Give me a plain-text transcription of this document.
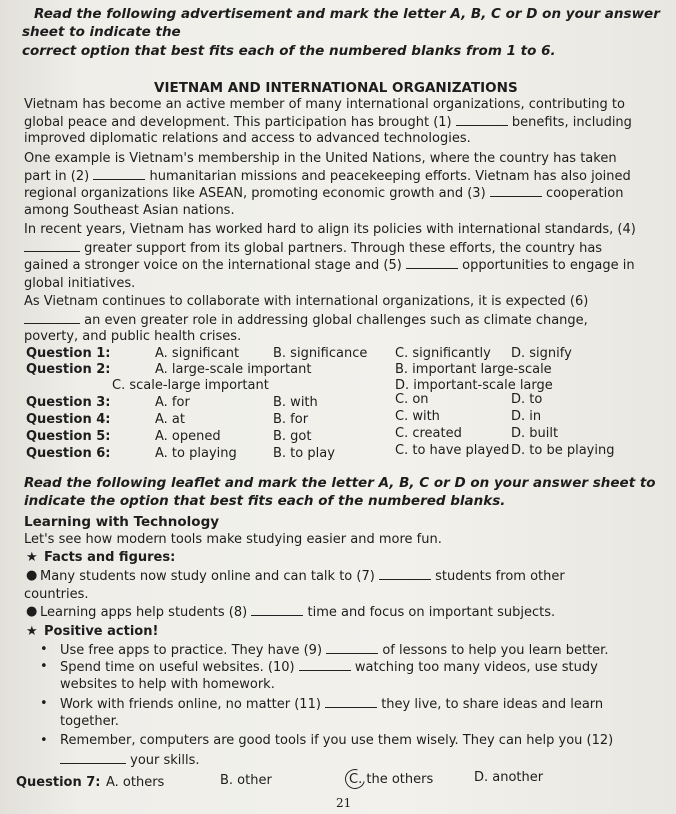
Read the following advertisement and mark the letter A, B, C or D on your answer
sheet to indicate the
correct option that best fits each of the numbered blanks from 1 to 6.
VIETNAM AND INTERNATIONAL ORGANIZATIONS
Vietnam has become an active member of many international organizations, contributing to
global peace and development. This participation has brought (1)	benefits, including
improved diplomatic relations and access to advanced technologies.
One example is Vietnam's membership in the United Nations, where the country has taken
part in (2)	humanitarian missions and peacekeeping efforts. Vietnam has also joined
regional organizations like ASEAN, promoting economic growth and (3)	cooperation
among Southeast Asian nations.
In recent years, Vietnam has worked hard to align its policies with international standards, (4)
greater support from its global partners. Through these efforts, the country has
gained a stronger voice on the international stage and (5)	opportunities to engage in
global initiatives.
As Vietnam continues to collaborate with international organizations, it is expected (6)
an even greater role in addressing global challenges such as climate change,
poverty, and public health crises.
Question 1:	A. significant	B. significance C. significantly D. signify
Question 2:	A. large-scale important	B. important large-scale
C. scale-large important	D. important-scale large
Question 3:	A. for	B. with	C. on	D. to
Question 4:	A. at	B. for	C. with	D. in
Question 5:	A. opened	B. got	C. created	D. built
Question 6:	A. to playing	B. to play	C. to have played D. to be playing
Read the following leaflet and mark the letter A, B, C or D on your answer sheet to
indicate the option that best fits each of the numbered blanks.
Learning with Technology
Let's see how modern tools make studying easier and more fun.
★ Facts and figures:
● Many students now study online and can talk to (7)	students from other
countries.
● Learning apps help students (8)	time and focus on important subjects.
★ Positive action!
• Use free apps to practice. They have (9)	of lessons to help you learn better.
• Spend time on useful websites. (10)	watching too many videos, use study
websites to help with homework.
• Work with friends online, no matter (11)	they live, to share ideas and learn
together.
• Remember, computers are good tools if you use them wisely. They can help you (12)
your skills.
Question 7: A. others	B. other	C. the others	D. another
21
